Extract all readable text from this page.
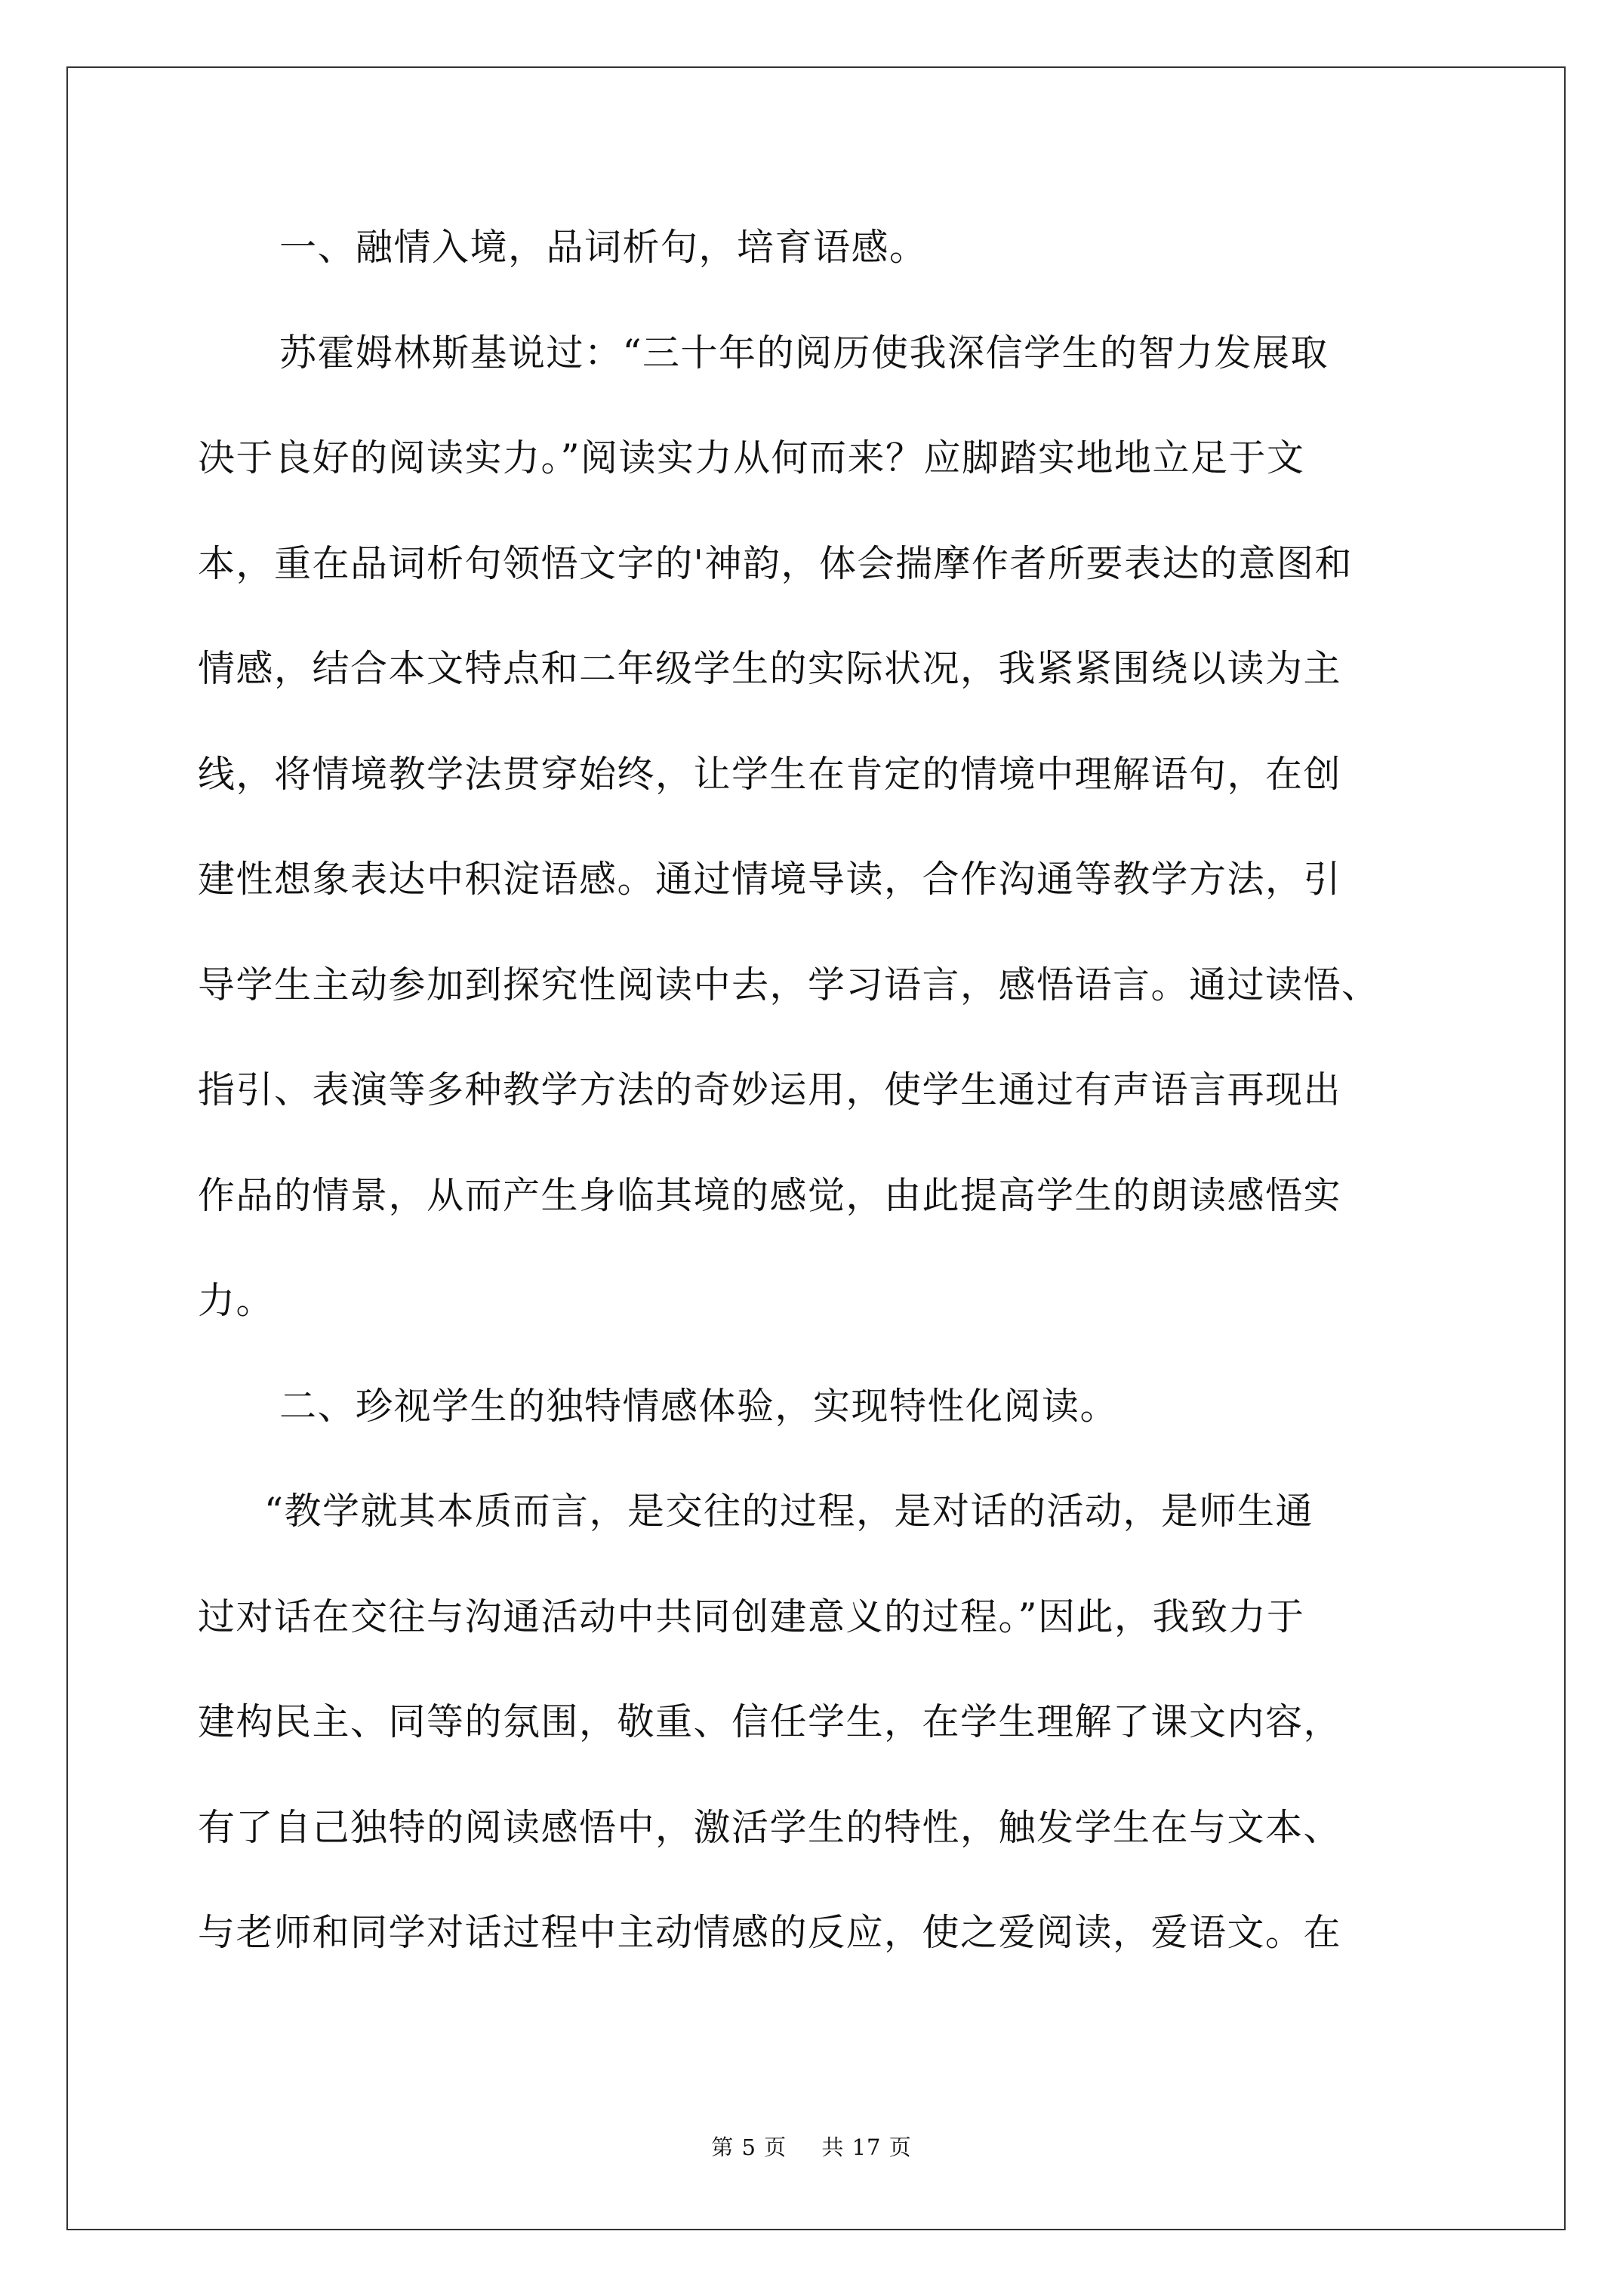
一、融情入境，品词析句，培育语感。
苏霍姆林斯基说过：“三十年的阅历使我深信学生的智力发展取
决于良好的阅读实力。”阅读实力从何而来？应脚踏实地地立足于文
本，重在品词析句领悟文字的'神韵，体会揣摩作者所要表达的意图和
情感，结合本文特点和二年级学生的实际状况，我紧紧围绕以读为主
线，将情境教学法贯穿始终，让学生在肯定的情境中理解语句，在创
建性想象表达中积淀语感。通过情境导读，合作沟通等教学方法，引
导学生主动参加到探究性阅读中去，学习语言，感悟语言。通过读悟、
指引、表演等多种教学方法的奇妙运用，使学生通过有声语言再现出
作品的情景，从而产生身临其境的感觉，由此提高学生的朗读感悟实
力。
二、珍视学生的独特情感体验，实现特性化阅读。
“教学就其本质而言，是交往的过程，是对话的活动，是师生通
过对话在交往与沟通活动中共同创建意义的过程。”因此，我致力于
建构民主、同等的氛围，敬重、信任学生，在学生理解了课文内容，
有了自己独特的阅读感悟中，激活学生的特性，触发学生在与文本、
与老师和同学对话过程中主动情感的反应，使之爱阅读，爱语文。在
第 5 页 共 17 页
